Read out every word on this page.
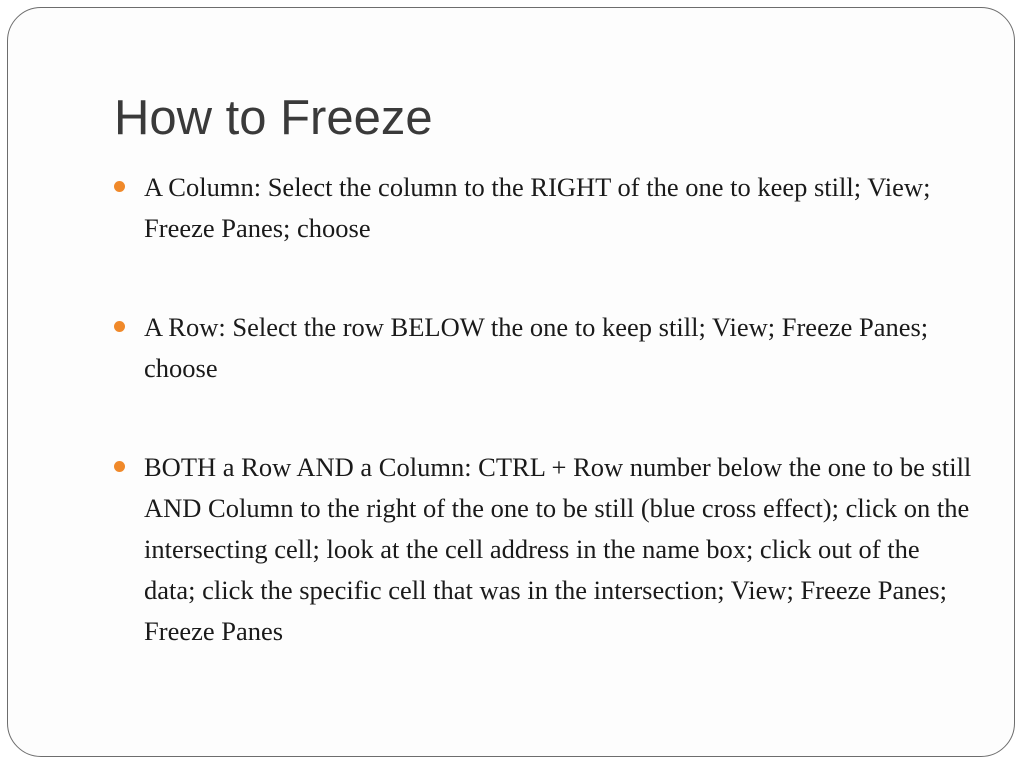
How to Freeze
A Column: Select the column to the RIGHT of the one to keep still; View; Freeze Panes; choose
A Row: Select the row BELOW the one to keep still; View; Freeze Panes; choose
BOTH a Row AND a Column: CTRL + Row number below the one to be still AND Column to the right of the one to be still (blue cross effect); click on the intersecting cell; look at the cell address in the name box; click out of the data; click the specific cell that was in the intersection; View; Freeze Panes; Freeze Panes
